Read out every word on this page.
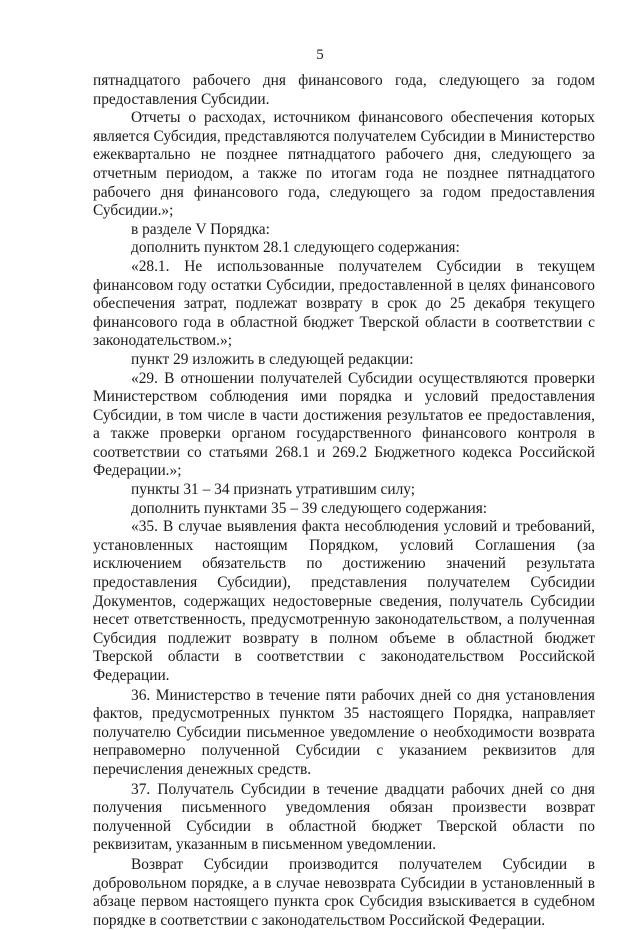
5

пятнадцатого рабочего дня финансового года, следующего за годом предоставления Субсидии.

Отчеты о расходах, источником финансового обеспечения которых является Субсидия, представляются получателем Субсидии в Министерство ежеквартально не позднее пятнадцатого рабочего дня, следующего за отчетным периодом, а также по итогам года не позднее пятнадцатого рабочего дня финансового года, следующего за годом предоставления Субсидии.»;

в разделе V Порядка:

дополнить пунктом 28.1 следующего содержания:

«28.1. Не использованные получателем Субсидии в текущем финансовом году остатки Субсидии, предоставленной в целях финансового обеспечения затрат, подлежат возврату в срок до 25 декабря текущего финансового года в областной бюджет Тверской области в соответствии с законодательством.»;

пункт 29 изложить в следующей редакции:

«29. В отношении получателей Субсидии осуществляются проверки Министерством соблюдения ими порядка и условий предоставления Субсидии, в том числе в части достижения результатов ее предоставления, а также проверки органом государственного финансового контроля в соответствии со статьями 268.1 и 269.2 Бюджетного кодекса Российской Федерации.»;

пункты 31 – 34 признать утратившим силу;

дополнить пунктами 35 – 39 следующего содержания:

«35. В случае выявления факта несоблюдения условий и требований, установленных настоящим Порядком, условий Соглашения (за исключением обязательств по достижению значений результата предоставления Субсидии), представления получателем Субсидии Документов, содержащих недостоверные сведения, получатель Субсидии несет ответственность, предусмотренную законодательством, а полученная Субсидия подлежит возврату в полном объеме в областной бюджет Тверской области в соответствии с законодательством Российской Федерации.

36. Министерство в течение пяти рабочих дней со дня установления фактов, предусмотренных пунктом 35 настоящего Порядка, направляет получателю Субсидии письменное уведомление о необходимости возврата неправомерно полученной Субсидии с указанием реквизитов для перечисления денежных средств.

37. Получатель Субсидии в течение двадцати рабочих дней со дня получения письменного уведомления обязан произвести возврат полученной Субсидии в областной бюджет Тверской области по реквизитам, указанным в письменном уведомлении.

Возврат Субсидии производится получателем Субсидии в добровольном порядке, а в случае невозврата Субсидии в установленный в абзаце первом настоящего пункта срок Субсидия взыскивается в судебном порядке в соответствии с законодательством Российской Федерации.
